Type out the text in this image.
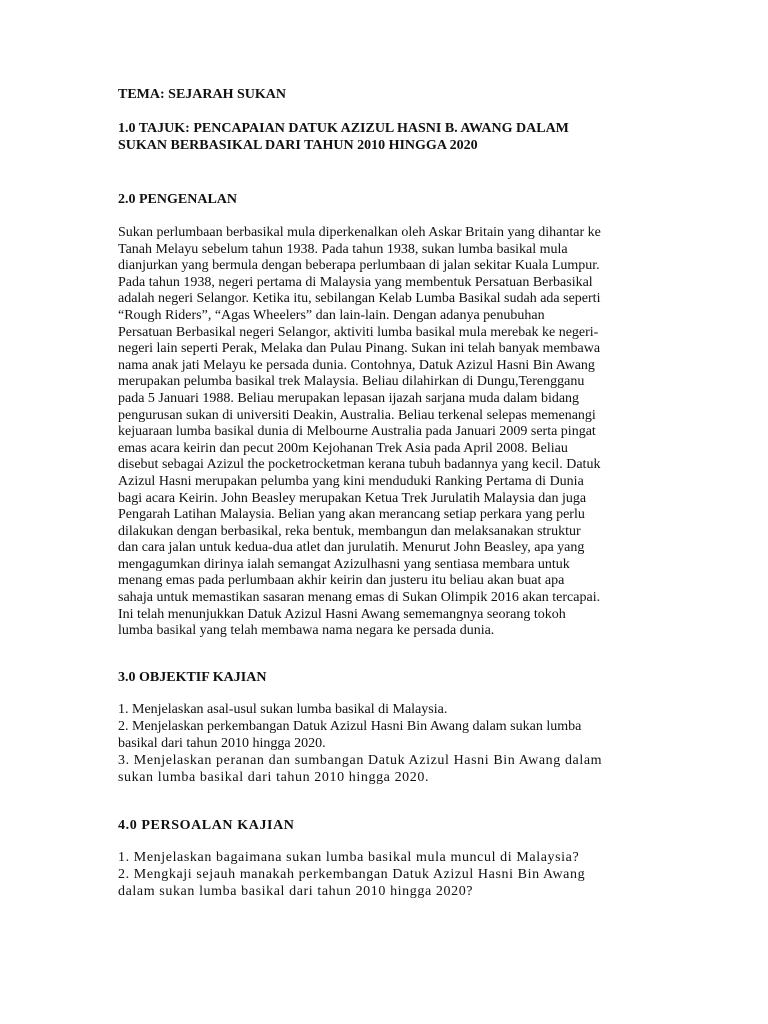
TEMA: SEJARAH SUKAN

1.0 TAJUK: PENCAPAIAN DATUK AZIZUL HASNI B. AWANG DALAM

SUKAN BERBASIKAL DARI TAHUN 2010 HINGGA 2020

2.0 PENGENALAN

Sukan perlumbaan berbasikal mula diperkenalkan oleh Askar Britain yang dihantar ke
Tanah Melayu sebelum tahun 1938. Pada tahun 1938, sukan lumba basikal mula
dianjurkan yang bermula dengan beberapa perlumbaan di jalan sekitar Kuala Lumpur.
Pada tahun 1938, negeri pertama di Malaysia yang membentuk Persatuan Berbasikal
adalah negeri Selangor. Ketika itu, sebilangan Kelab Lumba Basikal sudah ada seperti
“Rough Riders”, “Agas Wheelers” dan lain-lain. Dengan adanya penubuhan
Persatuan Berbasikal negeri Selangor, aktiviti lumba basikal mula merebak ke negeri-
negeri lain seperti Perak, Melaka dan Pulau Pinang. Sukan ini telah banyak membawa
nama anak jati Melayu ke persada dunia. Contohnya, Datuk Azizul Hasni Bin Awang
merupakan pelumba basikal trek Malaysia. Beliau dilahirkan di Dungu,Terengganu
pada 5 Januari 1988. Beliau merupakan lepasan ijazah sarjana muda dalam bidang
pengurusan sukan di universiti Deakin, Australia. Beliau terkenal selepas memenangi
kejuaraan lumba basikal dunia di Melbourne Australia pada Januari 2009 serta pingat
emas acara keirin dan pecut 200m Kejohanan Trek Asia pada April 2008. Beliau
disebut sebagai Azizul the pocketrocketman kerana tubuh badannya yang kecil. Datuk
Azizul Hasni merupakan pelumba yang kini menduduki Ranking Pertama di Dunia
bagi acara Keirin. John Beasley merupakan Ketua Trek Jurulatih Malaysia dan juga
Pengarah Latihan Malaysia. Belian yang akan merancang setiap perkara yang perlu
dilakukan dengan berbasikal, reka bentuk, membangun dan melaksanakan struktur
dan cara jalan untuk kedua-dua atlet dan jurulatih. Menurut John Beasley, apa yang
mengagumkan dirinya ialah semangat Azizulhasni yang sentiasa membara untuk
menang emas pada perlumbaan akhir keirin dan justeru itu beliau akan buat apa
sahaja untuk memastikan sasaran menang emas di Sukan Olimpik 2016 akan tercapai.
Ini telah menunjukkan Datuk Azizul Hasni Awang sememangnya seorang tokoh
lumba basikal yang telah membawa nama negara ke persada dunia.

3.0 OBJEKTIF KAJIAN

1. Menjelaskan asal-usul sukan lumba basikal di Malaysia.
2. Menjelaskan perkembangan Datuk Azizul Hasni Bin Awang dalam sukan lumba
basikal dari tahun 2010 hingga 2020.
3. Menjelaskan peranan dan sumbangan Datuk Azizul Hasni Bin Awang dalam
sukan lumba basikal dari tahun 2010 hingga 2020.

4.0 PERSOALAN KAJIAN

1. Menjelaskan bagaimana sukan lumba basikal mula muncul di Malaysia?
2. Mengkaji sejauh manakah perkembangan Datuk Azizul Hasni Bin Awang
dalam sukan lumba basikal dari tahun 2010 hingga 2020?
